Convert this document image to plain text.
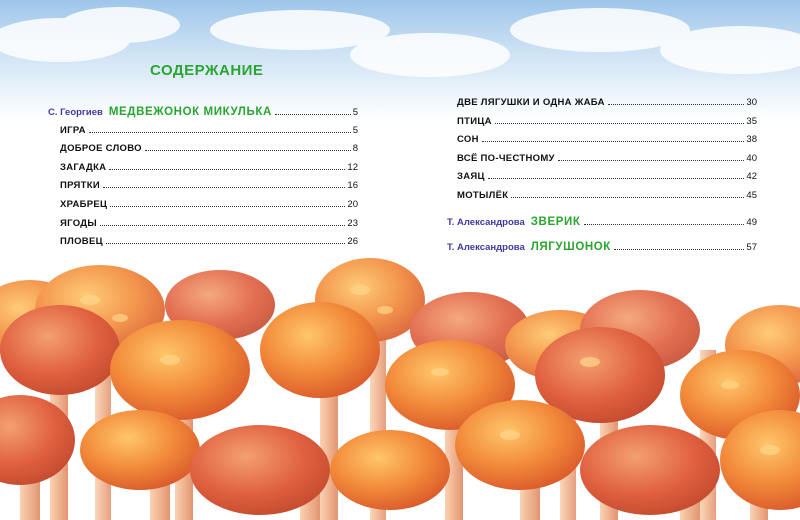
СОДЕРЖАНИЕ
С. Георгиев МЕДВЕЖОНОК МИКУЛЬКА	5
ИГРА	5
ДОБРОЕ СЛОВО	8
ЗАГАДКА	12
ПРЯТКИ	16
ХРАБРЕЦ	20
ЯГОДЫ	23
ПЛОВЕЦ	26
ДВЕ ЛЯГУШКИ И ОДНА ЖАБА	30
ПТИЦА	35
СОН	38
ВСЁ ПО-ЧЕСТНОМУ	40
ЗАЯЦ	42
МОТЫЛЁК	45
Т. Александрова ЗВЕРИК	49
Т. Александрова ЛЯГУШОНОК	57
